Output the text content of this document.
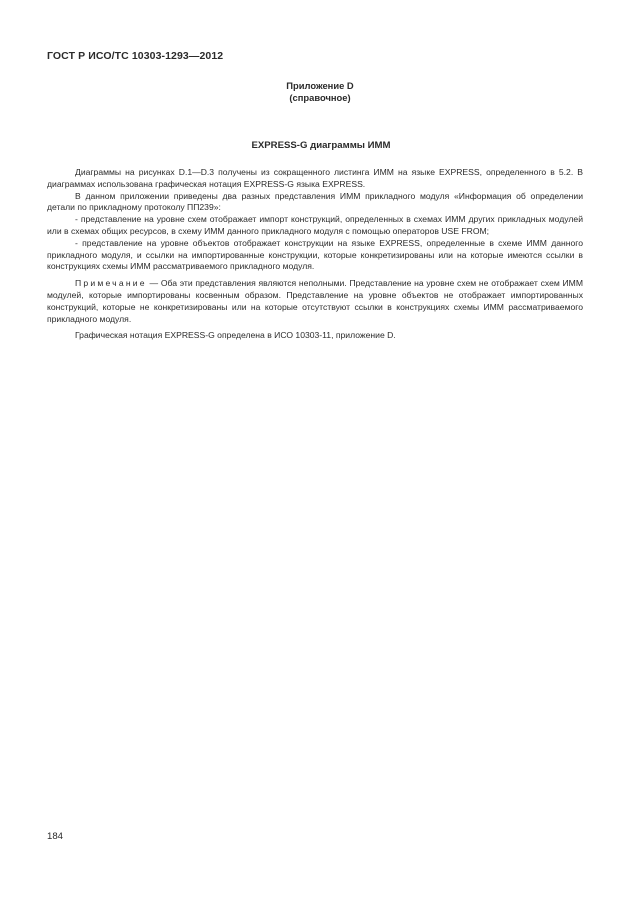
ГОСТ Р ИСО/ТС 10303-1293—2012
Приложение D
(справочное)
EXPRESS-G диаграммы ИММ

Диаграммы на рисунках D.1—D.3 получены из сокращенного листинга ИММ на языке EXPRESS, определенного в 5.2. В диаграммах использована графическая нотация EXPRESS-G языка EXPRESS.

В данном приложении приведены два разных представления ИММ прикладного модуля «Информация об определении детали по прикладному протоколу ПП239»:

- представление на уровне схем отображает импорт конструкций, определенных в схемах ИММ других прикладных модулей или в схемах общих ресурсов, в схему ИММ данного прикладного модуля с помощью операторов USE FROM;

- представление на уровне объектов отображает конструкции на языке EXPRESS, определенные в схеме ИММ данного прикладного модуля, и ссылки на импортированные конструкции, которые конкретизированы или на которые имеются ссылки в конструкциях схемы ИММ рассматриваемого прикладного модуля.

Примечание — Оба эти представления являются неполными. Представление на уровне схем не отображает схем ИММ модулей, которые импортированы косвенным образом. Представление на уровне объектов не отображает импортированных конструкций, которые не конкретизированы или на которые отсутствуют ссылки в конструкциях схемы ИММ рассматриваемого прикладного модуля.

Графическая нотация EXPRESS-G определена в ИСО 10303-11, приложение D.

184
